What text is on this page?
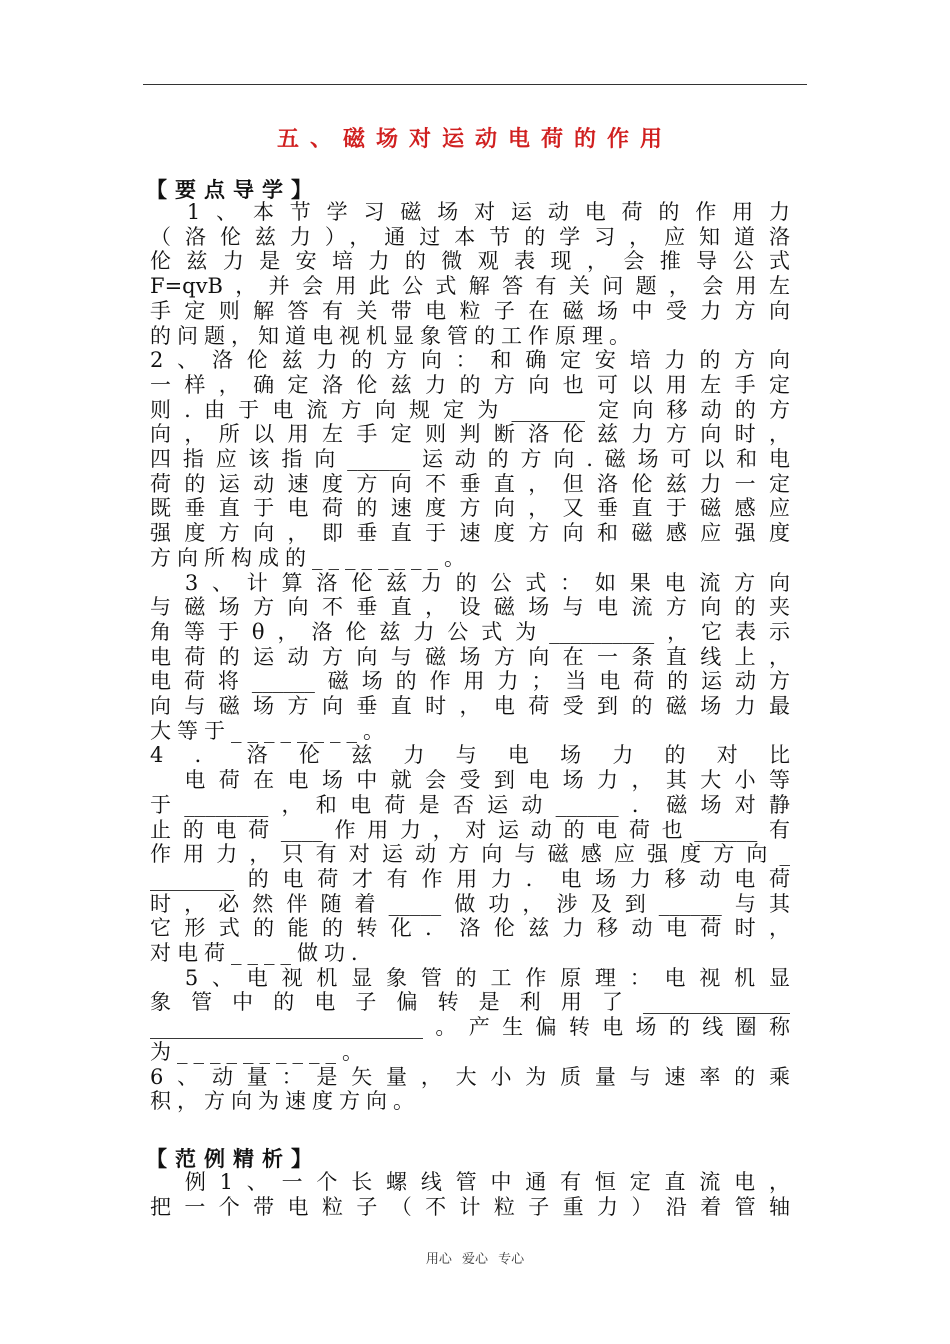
五、磁场对运动电荷的作用
【要点导学】
　1、本节学习磁场对运动电荷的作用力
（洛伦兹力），通过本节的学习，应知道洛
伦兹力是安培力的微观表现，会推导公式
F=qvB，并会用此公式解答有关问题，会用左
手定则解答有关带电粒子在磁场中受力方向
的问题，知道电视机显象管的工作原理。
2、洛伦兹力的方向：和确定安培力的方向
一样，确定洛伦兹力的方向也可以用左手定
则.由于电流方向规定为_______定向移动的方
向，所以用左手定则判断洛伦兹力方向时，
四指应该指向______运动的方向.磁场可以和电
荷的运动速度方向不垂直，但洛伦兹力一定
既垂直于电荷的速度方向，又垂直于磁感应
强度方向，即垂直于速度方向和磁感应强度
方向所构成的________。
　3、计算洛伦兹力的公式：如果电流方向
与磁场方向不垂直，设磁场与电流方向的夹
角等于θ，洛伦兹力公式为__________，它表示
电荷的运动方向与磁场方向在一条直线上，
电荷将______磁场的作用力；当电荷的运动方
向与磁场方向垂直时，电荷受到的磁场力最
大等于________。
4．洛伦兹力与电场力的对比
　电荷在电场中就会受到电场力，其大小等
于________，和电荷是否运动______．磁场对静
止的电荷____作用力，对运动的电荷也______有
作用力，只有对运动方向与磁感应强度方向_
________的电荷才有作用力．电场力移动电荷
时，必然伴随着_____做功，涉及到______与其
它形式的能的转化．洛伦兹力移动电荷时，
对电荷____做功．
　5、电视机显象管的工作原理：电视机显
象管中的电子偏转是利用了______________
__________________________。产生偏转电场的线圈称
为__________。
6、动量：是矢量，大小为质量与速率的乘
积，方向为速度方向。
【范例精析】
　例1、一个长螺线管中通有恒定直流电，
把一个带电粒子（不计粒子重力）沿着管轴
用心 爱心 专心
